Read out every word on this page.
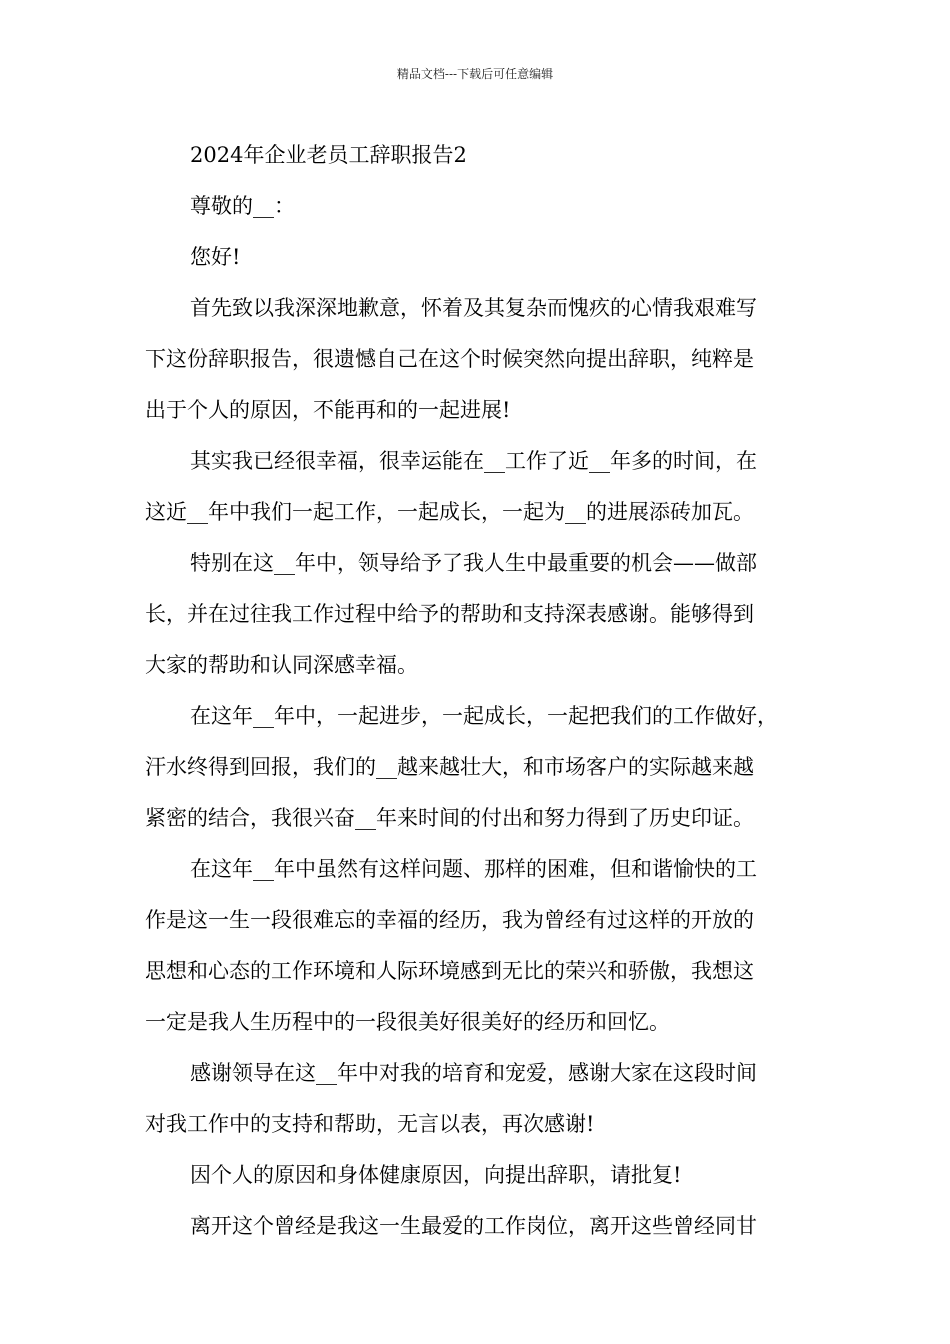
精品文档---下载后可任意编辑
2024年企业老员工辞职报告2
尊敬的__：
您好!
首先致以我深深地歉意，怀着及其复杂而愧疚的心情我艰难写
下这份辞职报告，很遗憾自己在这个时候突然向提出辞职，纯粹是
出于个人的原因，不能再和的一起进展!
其实我已经很幸福，很幸运能在__工作了近__年多的时间，在
这近__年中我们一起工作，一起成长，一起为__的进展添砖加瓦。
特别在这__年中，领导给予了我人生中最重要的机会——做部
长，并在过往我工作过程中给予的帮助和支持深表感谢。能够得到
大家的帮助和认同深感幸福。
在这年__年中，一起进步，一起成长，一起把我们的工作做好，
汗水终得到回报，我们的__越来越壮大，和市场客户的实际越来越
紧密的结合，我很兴奋__年来时间的付出和努力得到了历史印证。
在这年__年中虽然有这样问题、那样的困难，但和谐愉快的工
作是这一生一段很难忘的幸福的经历，我为曾经有过这样的开放的
思想和心态的工作环境和人际环境感到无比的荣兴和骄傲，我想这
一定是我人生历程中的一段很美好很美好的经历和回忆。
感谢领导在这__年中对我的培育和宠爱，感谢大家在这段时间
对我工作中的支持和帮助，无言以表，再次感谢!
因个人的原因和身体健康原因，向提出辞职，请批复!
离开这个曾经是我这一生最爱的工作岗位，离开这些曾经同甘
